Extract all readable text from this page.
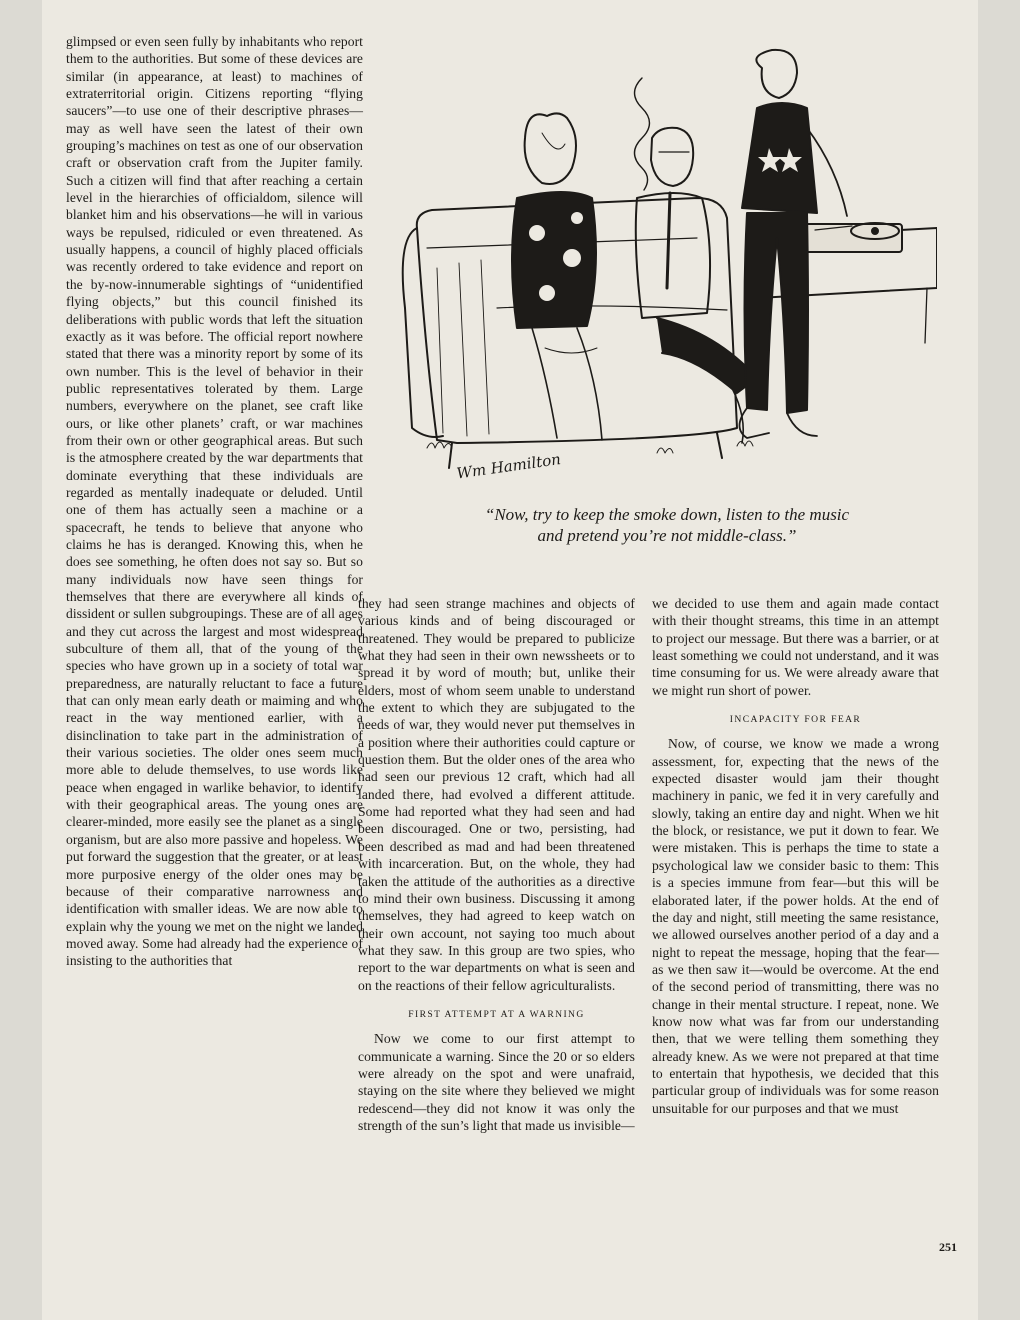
glimpsed or even seen fully by inhabitants who report them to the authorities. But some of these devices are similar (in appearance, at least) to machines of extraterritorial origin. Citizens reporting “flying saucers”—to use one of their descriptive phrases—may as well have seen the latest of their own grouping’s machines on test as one of our observation craft or observation craft from the Jupiter family. Such a citizen will find that after reaching a certain level in the hierarchies of officialdom, silence will blanket him and his observations—he will in various ways be repulsed, ridiculed or even threatened. As usually happens, a council of highly placed officials was recently ordered to take evidence and report on the by-now-innumerable sightings of “unidentified flying objects,” but this council finished its deliberations with public words that left the situation exactly as it was before. The official report nowhere stated that there was a minority report by some of its own number. This is the level of behavior in their public representatives tolerated by them. Large numbers, everywhere on the planet, see craft like ours, or like other planets’ craft, or war machines from their own or other geographical areas. But such is the atmosphere created by the war departments that dominate everything that these individuals are regarded as mentally inadequate or deluded. Until one of them has actually seen a machine or a spacecraft, he tends to believe that anyone who claims he has is deranged. Knowing this, when he does see something, he often does not say so. But so many individuals now have seen things for themselves that there are everywhere all kinds of dissident or sullen subgroupings. These are of all ages and they cut across the largest and most widespread subculture of them all, that of the young of the species who have grown up in a society of total war preparedness, are naturally reluctant to face a future that can only mean early death or maiming and who react in the way mentioned earlier, with a disinclination to take part in the administration of their various societies. The older ones seem much more able to delude themselves, to use words like peace when engaged in warlike behavior, to identify with their geographical areas. The young ones are clearer-minded, more easily see the planet as a single organism, but are also more passive and hopeless. We put forward the suggestion that the greater, or at least more purposive energy of the older ones may be because of their comparative narrowness and identification with smaller ideas. We are now able to explain why the young we met on the night we landed moved away. Some had already had the experience of insisting to the authorities that

Wm Hamilton
“Now, try to keep the smoke down, listen to the music
and pretend you’re not middle-class.”

they had seen strange machines and objects of various kinds and of being discouraged or threatened. They would be prepared to publicize what they had seen in their own newssheets or to spread it by word of mouth; but, unlike their elders, most of whom seem unable to understand the extent to which they are subjugated to the needs of war, they would never put themselves in a position where their authorities could capture or question them. But the older ones of the area who had seen our previous 12 craft, which had all landed there, had evolved a different attitude. Some had reported what they had seen and had been discouraged. One or two, persisting, had been described as mad and had been threatened with incarceration. But, on the whole, they had taken the attitude of the authorities as a directive to mind their own business. Discussing it among themselves, they had agreed to keep watch on their own account, not saying too much about what they saw. In this group are two spies, who report to the war departments on what is seen and on the reactions of their fellow agriculturalists.

FIRST ATTEMPT AT A WARNING

Now we come to our first attempt to communicate a warning. Since the 20 or so elders were already on the spot and were unafraid, staying on the site where they believed we might redescend—they did not know it was only the strength of the sun’s light that made us invisible—

we decided to use them and again made contact with their thought streams, this time in an attempt to project our message. But there was a barrier, or at least something we could not understand, and it was time consuming for us. We were already aware that we might run short of power.

INCAPACITY FOR FEAR

Now, of course, we know we made a wrong assessment, for, expecting that the news of the expected disaster would jam their thought machinery in panic, we fed it in very carefully and slowly, taking an entire day and night. When we hit the block, or resistance, we put it down to fear. We were mistaken. This is perhaps the time to state a psychological law we consider basic to them: This is a species immune from fear—but this will be elaborated later, if the power holds. At the end of the day and night, still meeting the same resistance, we allowed ourselves another period of a day and a night to repeat the message, hoping that the fear—as we then saw it—would be overcome. At the end of the second period of transmitting, there was no change in their mental structure. I repeat, none. We know now what was far from our understanding then, that we were telling them something they already knew. As we were not prepared at that time to entertain that hypothesis, we decided that this particular group of individuals was for some reason unsuitable for our purposes and that we must

251
